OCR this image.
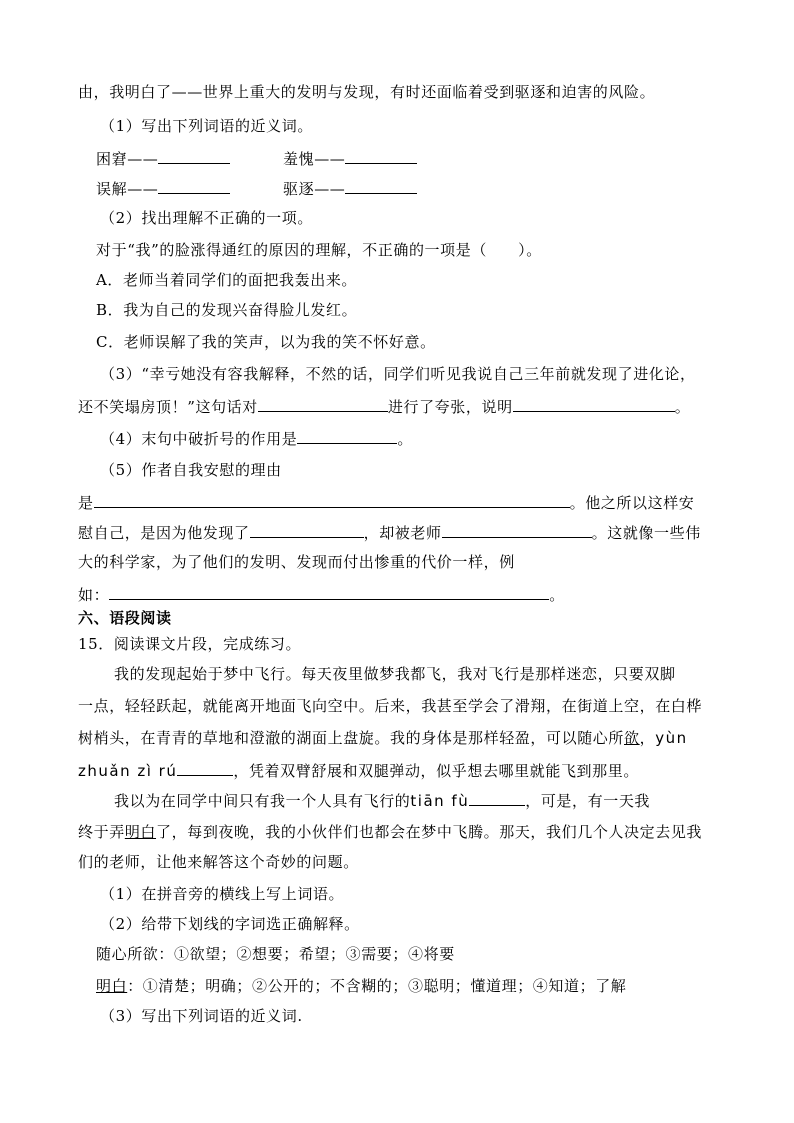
由，我明白了——世界上重大的发明与发现，有时还面临着受到驱逐和迫害的风险。
（1）写出下列词语的近义词。
困窘——	羞愧——
误解——	驱逐——
（2）找出理解不正确的一项。
对于“我”的脸涨得通红的原因的理解，不正确的一项是（　　）。
A．老师当着同学们的面把我轰出来。
B．我为自己的发现兴奋得脸儿发红。
C．老师误解了我的笑声，以为我的笑不怀好意。
（3）“幸亏她没有容我解释，不然的话，同学们听见我说自己三年前就发现了进化论，
还不笑塌房顶！”这句话对	进行了夸张，说明	。
（4）末句中破折号的作用是	。
（5）作者自我安慰的理由
是	。他之所以这样安
慰自己，是因为他发现了	，却被老师	。这就像一些伟
大的科学家，为了他们的发明、发现而付出惨重的代价一样，例
如：	。
六、语段阅读
15．阅读课文片段，完成练习。
我的发现起始于梦中飞行。每天夜里做梦我都飞，我对飞行是那样迷恋，只要双脚
一点，轻轻跃起，就能离开地面飞向空中。后来，我甚至学会了滑翔，在街道上空，在白桦
树梢头，在青青的草地和澄澈的湖面上盘旋。我的身体是那样轻盈，可以随心所欲，yùn
zhuǎn zì rú	，凭着双臂舒展和双腿弹动，似乎想去哪里就能飞到那里。
我以为在同学中间只有我一个人具有飞行的tiān fù	，可是，有一天我
终于弄明白了，每到夜晚，我的小伙伴们也都会在梦中飞腾。那天，我们几个人决定去见我
们的老师，让他来解答这个奇妙的问题。
（1）在拼音旁的横线上写上词语。
（2）给带下划线的字词选正确解释。
随心所欲：①欲望；②想要；希望；③需要；④将要
明白：①清楚；明确；②公开的；不含糊的；③聪明；懂道理；④知道；了解
（3）写出下列词语的近义词.
